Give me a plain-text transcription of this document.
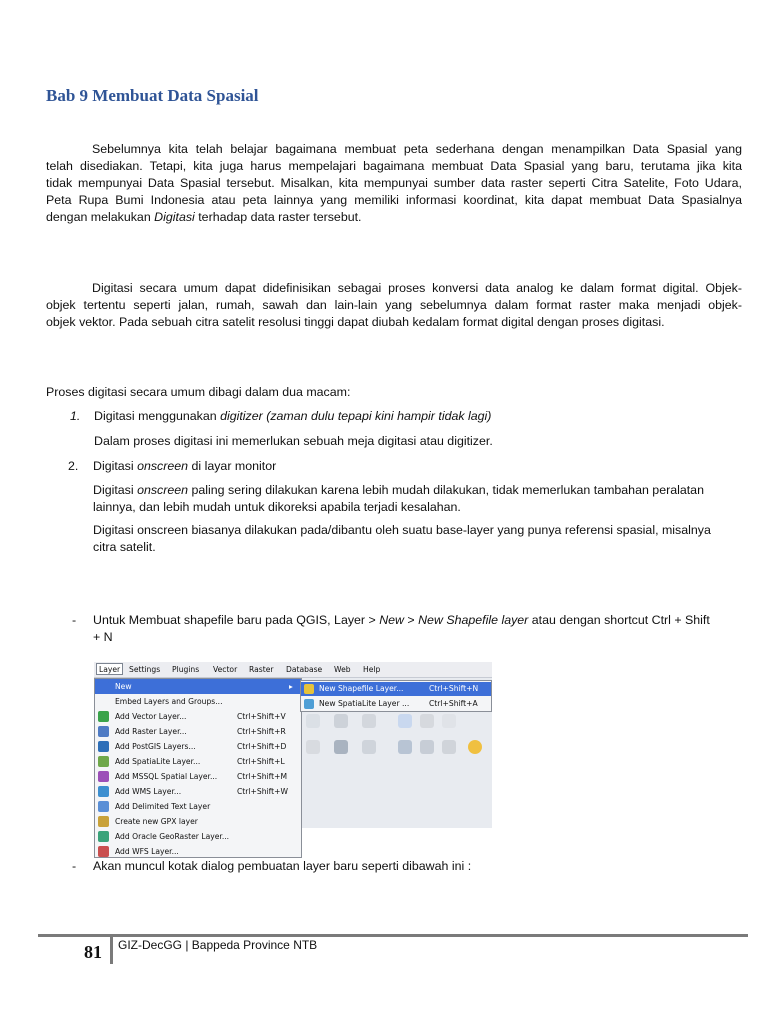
Bab 9 Membuat Data Spasial
Sebelumnya kita telah belajar bagaimana membuat peta sederhana dengan menampilkan Data Spasial yang
telah disediakan. Tetapi, kita juga harus mempelajari bagaimana membuat Data Spasial yang baru, terutama jika kita
tidak mempunyai Data Spasial tersebut. Misalkan, kita mempunyai sumber data raster seperti Citra Satelite, Foto Udara,
Peta Rupa Bumi Indonesia atau peta lainnya yang memiliki informasi koordinat, kita dapat membuat Data Spasialnya
dengan melakukan Digitasi terhadap data raster tersebut.
Digitasi secara umum dapat didefinisikan sebagai proses konversi data analog ke dalam format digital. Objek-
objek tertentu seperti jalan, rumah, sawah dan lain-lain yang sebelumnya dalam format raster maka menjadi objek-
objek vektor. Pada sebuah citra satelit resolusi tinggi dapat diubah kedalam format digital dengan proses digitasi.
Proses digitasi secara umum dibagi dalam dua macam:
1. Digitasi menggunakan digitizer (zaman dulu tepapi kini hampir tidak lagi)
Dalam proses digitasi ini memerlukan sebuah meja digitasi atau digitizer.
2. Digitasi onscreen di layar monitor
Digitasi onscreen paling sering dilakukan karena lebih mudah dilakukan, tidak memerlukan tambahan peralatan
lainnya, dan lebih mudah untuk dikoreksi apabila terjadi kesalahan.
Digitasi onscreen biasanya dilakukan pada/dibantu oleh suatu base-layer yang punya referensi spasial, misalnya
citra satelit.
- Untuk Membuat shapefile baru pada QGIS, Layer > New > New Shapefile layer atau dengan shortcut Ctrl + Shift
+ N
Layer	Settings Plugins Vector Raster Database Web Help
New	▸
Embed Layers and Groups...
Add Vector Layer...	Ctrl+Shift+V
Add Raster Layer...	Ctrl+Shift+R
Add PostGIS Layers...	Ctrl+Shift+D
Add SpatiaLite Layer...	Ctrl+Shift+L
Add MSSQL Spatial Layer...	Ctrl+Shift+M
Add WMS Layer...	Ctrl+Shift+W
Add Delimited Text Layer
Create new GPX layer
Add Oracle GeoRaster Layer...
Add WFS Layer...
New Shapefile Layer...	Ctrl+Shift+N
New SpatiaLite Layer ...	Ctrl+Shift+A
- Akan muncul kotak dialog pembuatan layer baru seperti dibawah ini :
81 GIZ-DecGG | Bappeda Province NTB
